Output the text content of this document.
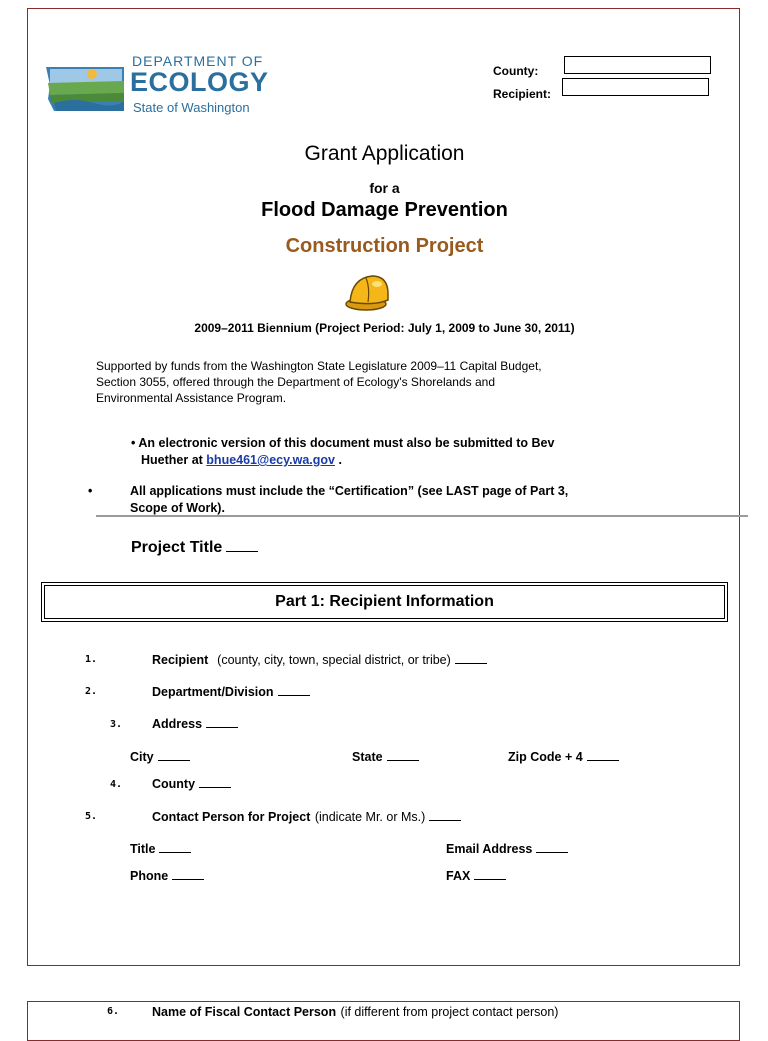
DEPARTMENT OF
ECOLOGY
State of Washington
County:
Recipient:
Grant Application
for a
Flood Damage Prevention
Construction Project
2009–2011 Biennium (Project Period: July 1, 2009 to June 30, 2011)
Supported by funds from the Washington State Legislature 2009–11 Capital Budget,
Section 3055, offered through the Department of Ecology's Shorelands and
Environmental Assistance Program.
• An electronic version of this document must also be submitted to Bev
Huether at bhue461@ecy.wa.gov .
•	All applications must include the “Certification” (see LAST page of Part 3,
Scope of Work).
Project Title
Part 1: Recipient Information
1.	Recipient (county, city, town, special district, or tribe)
2.	Department/Division
3. Address
City	State	Zip Code + 4
4. County
5.	Contact Person for Project (indicate Mr. or Ms.)
Title	Email Address
Phone	FAX
6.	Name of Fiscal Contact Person (if different from project contact person)
